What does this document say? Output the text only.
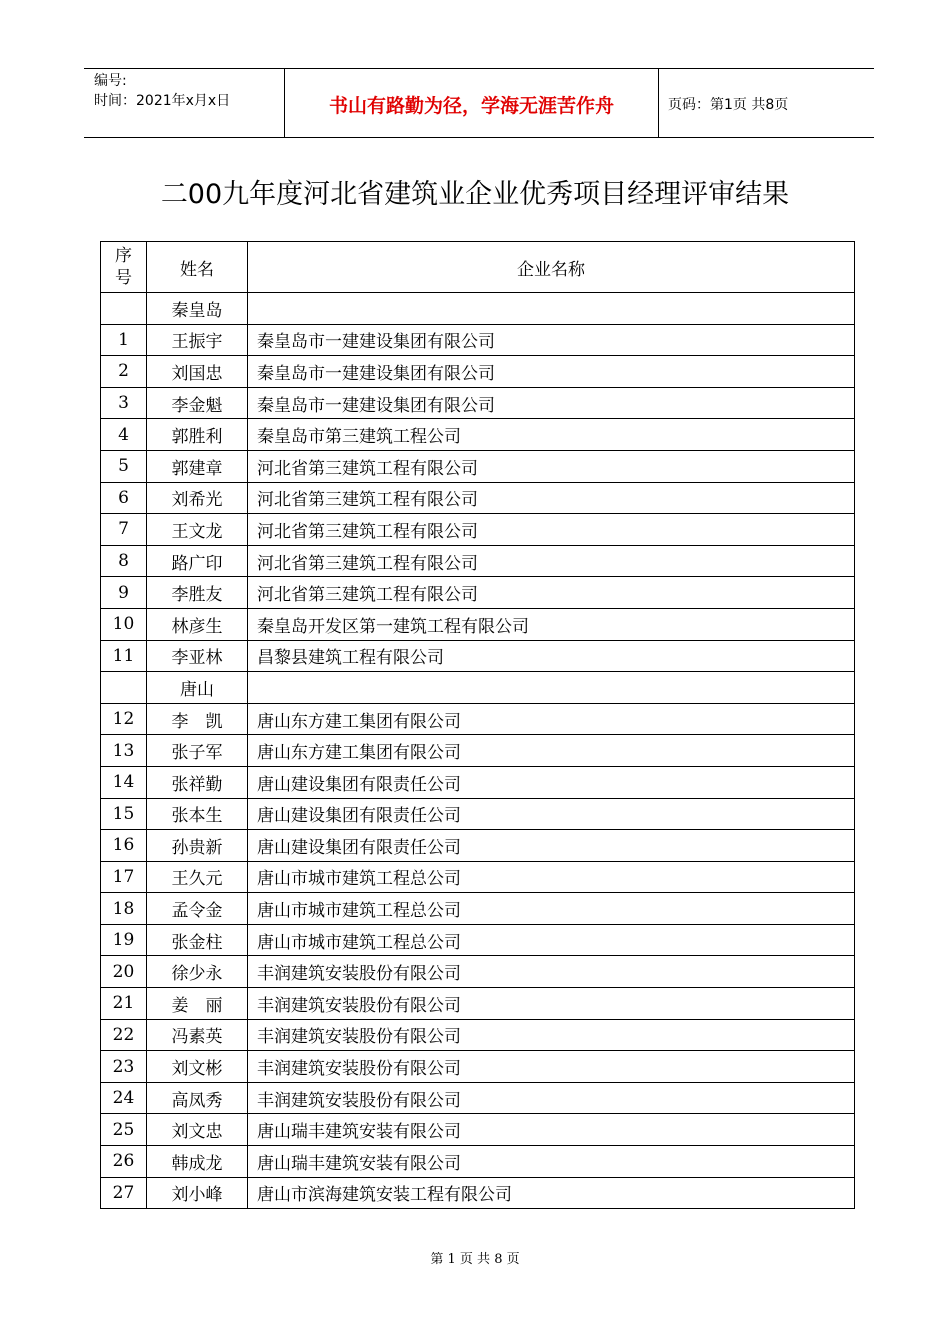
编号:
时间：2021年x月x日	书山有路勤为径，学海无涯苦作舟	页码：第1页 共8页
二00九年度河北省建筑业企业优秀项目经理评审结果
序
号	姓名	企业名称
	秦皇岛	
1	王振宇	秦皇岛市一建建设集团有限公司
2	刘国忠	秦皇岛市一建建设集团有限公司
3	李金魁	秦皇岛市一建建设集团有限公司
4	郭胜利	秦皇岛市第三建筑工程公司
5	郭建章	河北省第三建筑工程有限公司
6	刘希光	河北省第三建筑工程有限公司
7	王文龙	河北省第三建筑工程有限公司
8	路广印	河北省第三建筑工程有限公司
9	李胜友	河北省第三建筑工程有限公司
10	林彦生	秦皇岛开发区第一建筑工程有限公司
11	李亚林	昌黎县建筑工程有限公司
	唐山	
12	李　凯	唐山东方建工集团有限公司
13	张子军	唐山东方建工集团有限公司
14	张祥勤	唐山建设集团有限责任公司
15	张本生	唐山建设集团有限责任公司
16	孙贵新	唐山建设集团有限责任公司
17	王久元	唐山市城市建筑工程总公司
18	孟令金	唐山市城市建筑工程总公司
19	张金柱	唐山市城市建筑工程总公司
20	徐少永	丰润建筑安装股份有限公司
21	姜　丽	丰润建筑安装股份有限公司
22	冯素英	丰润建筑安装股份有限公司
23	刘文彬	丰润建筑安装股份有限公司
24	高凤秀	丰润建筑安装股份有限公司
25	刘文忠	唐山瑞丰建筑安装有限公司
26	韩成龙	唐山瑞丰建筑安装有限公司
27	刘小峰	唐山市滨海建筑安装工程有限公司
第 1 页 共 8 页
